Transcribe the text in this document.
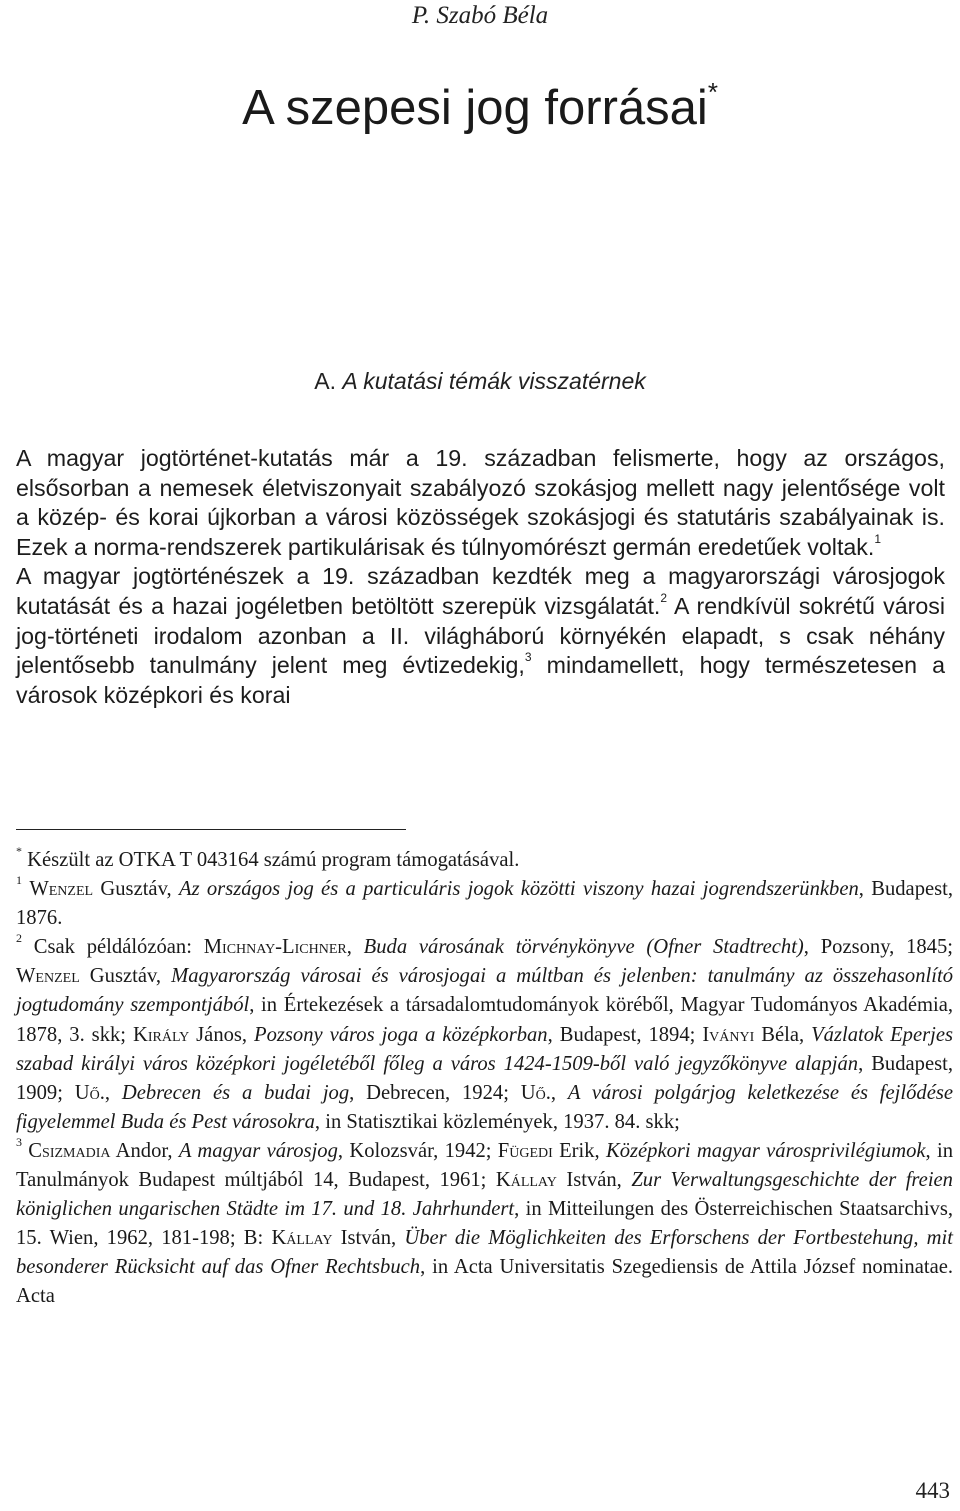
P. Szabó Béla
A szepesi jog forrásai*
A. A kutatási témák visszatérnek

A magyar jogtörténet-kutatás már a 19. században felismerte, hogy az országos, elsősorban a nemesek életviszonyait szabályozó szokásjog mellett nagy jelentősége volt a közép- és korai újkorban a városi közösségek szokásjogi és statutáris szabályainak is. Ezek a norma-rendszerek partikulárisak és túlnyomórészt germán eredetűek voltak.$^1$

A magyar jogtörténészek a 19. században kezdték meg a magyarországi városjogok kutatását és a hazai jogéletben betöltött szerepük vizsgálatát.$^2$ A rendkívül sokrétű városi jog-történeti irodalom azonban a II. világháború környékén elapadt, s csak néhány jelentősebb tanulmány jelent meg évtizedekig,$^3$ mindamellett, hogy természetesen a városok középkori és korai

* Készült az OTKA T 043164 számú program támogatásával.

$^1$ Wenzel Gusztáv, Az országos jog és a particuláris jogok közötti viszony hazai jogrendszerünkben, Budapest, 1876.

$^2$ Csak példálózóan: Michnay-Lichner, Buda városának törvénykönyve (Ofner Stadtrecht), Pozsony, 1845; Wenzel Gusztáv, Magyarország városai és városjogai a múltban és jelenben: tanulmány az összehasonlító jogtudomány szempontjából, in Értekezések a társadalomtudományok köréből, Magyar Tudományos Akadémia, 1878, 3. skk; Király János, Pozsony város joga a középkorban, Budapest, 1894; Iványi Béla, Vázlatok Eperjes szabad királyi város középkori jogéletéből főleg a város 1424-1509-ből való jegyzőkönyve alapján, Budapest, 1909; Uő., Debrecen és a budai jog, Debrecen, 1924; Uő., A városi polgárjog keletkezése és fejlődése figyelemmel Buda és Pest városokra, in Statisztikai közlemények, 1937. 84. skk;

$^3$ Csizmadia Andor, A magyar városjog, Kolozsvár, 1942; Fügedi Erik, Középkori magyar városprivilégiumok, in Tanulmányok Budapest múltjából 14, Budapest, 1961; Kállay István, Zur Verwaltungsgeschichte der freien königlichen ungarischen Städte im 17. und 18. Jahrhundert, in Mitteilungen des Österreichischen Staatsarchivs, 15. Wien, 1962, 181-198; B: Kállay István, Über die Möglichkeiten des Erforschens der Fortbestehung, mit besonderer Rücksicht auf das Ofner Rechtsbuch, in Acta Universitatis Szegediensis de Attila József nominatae. Acta

443
